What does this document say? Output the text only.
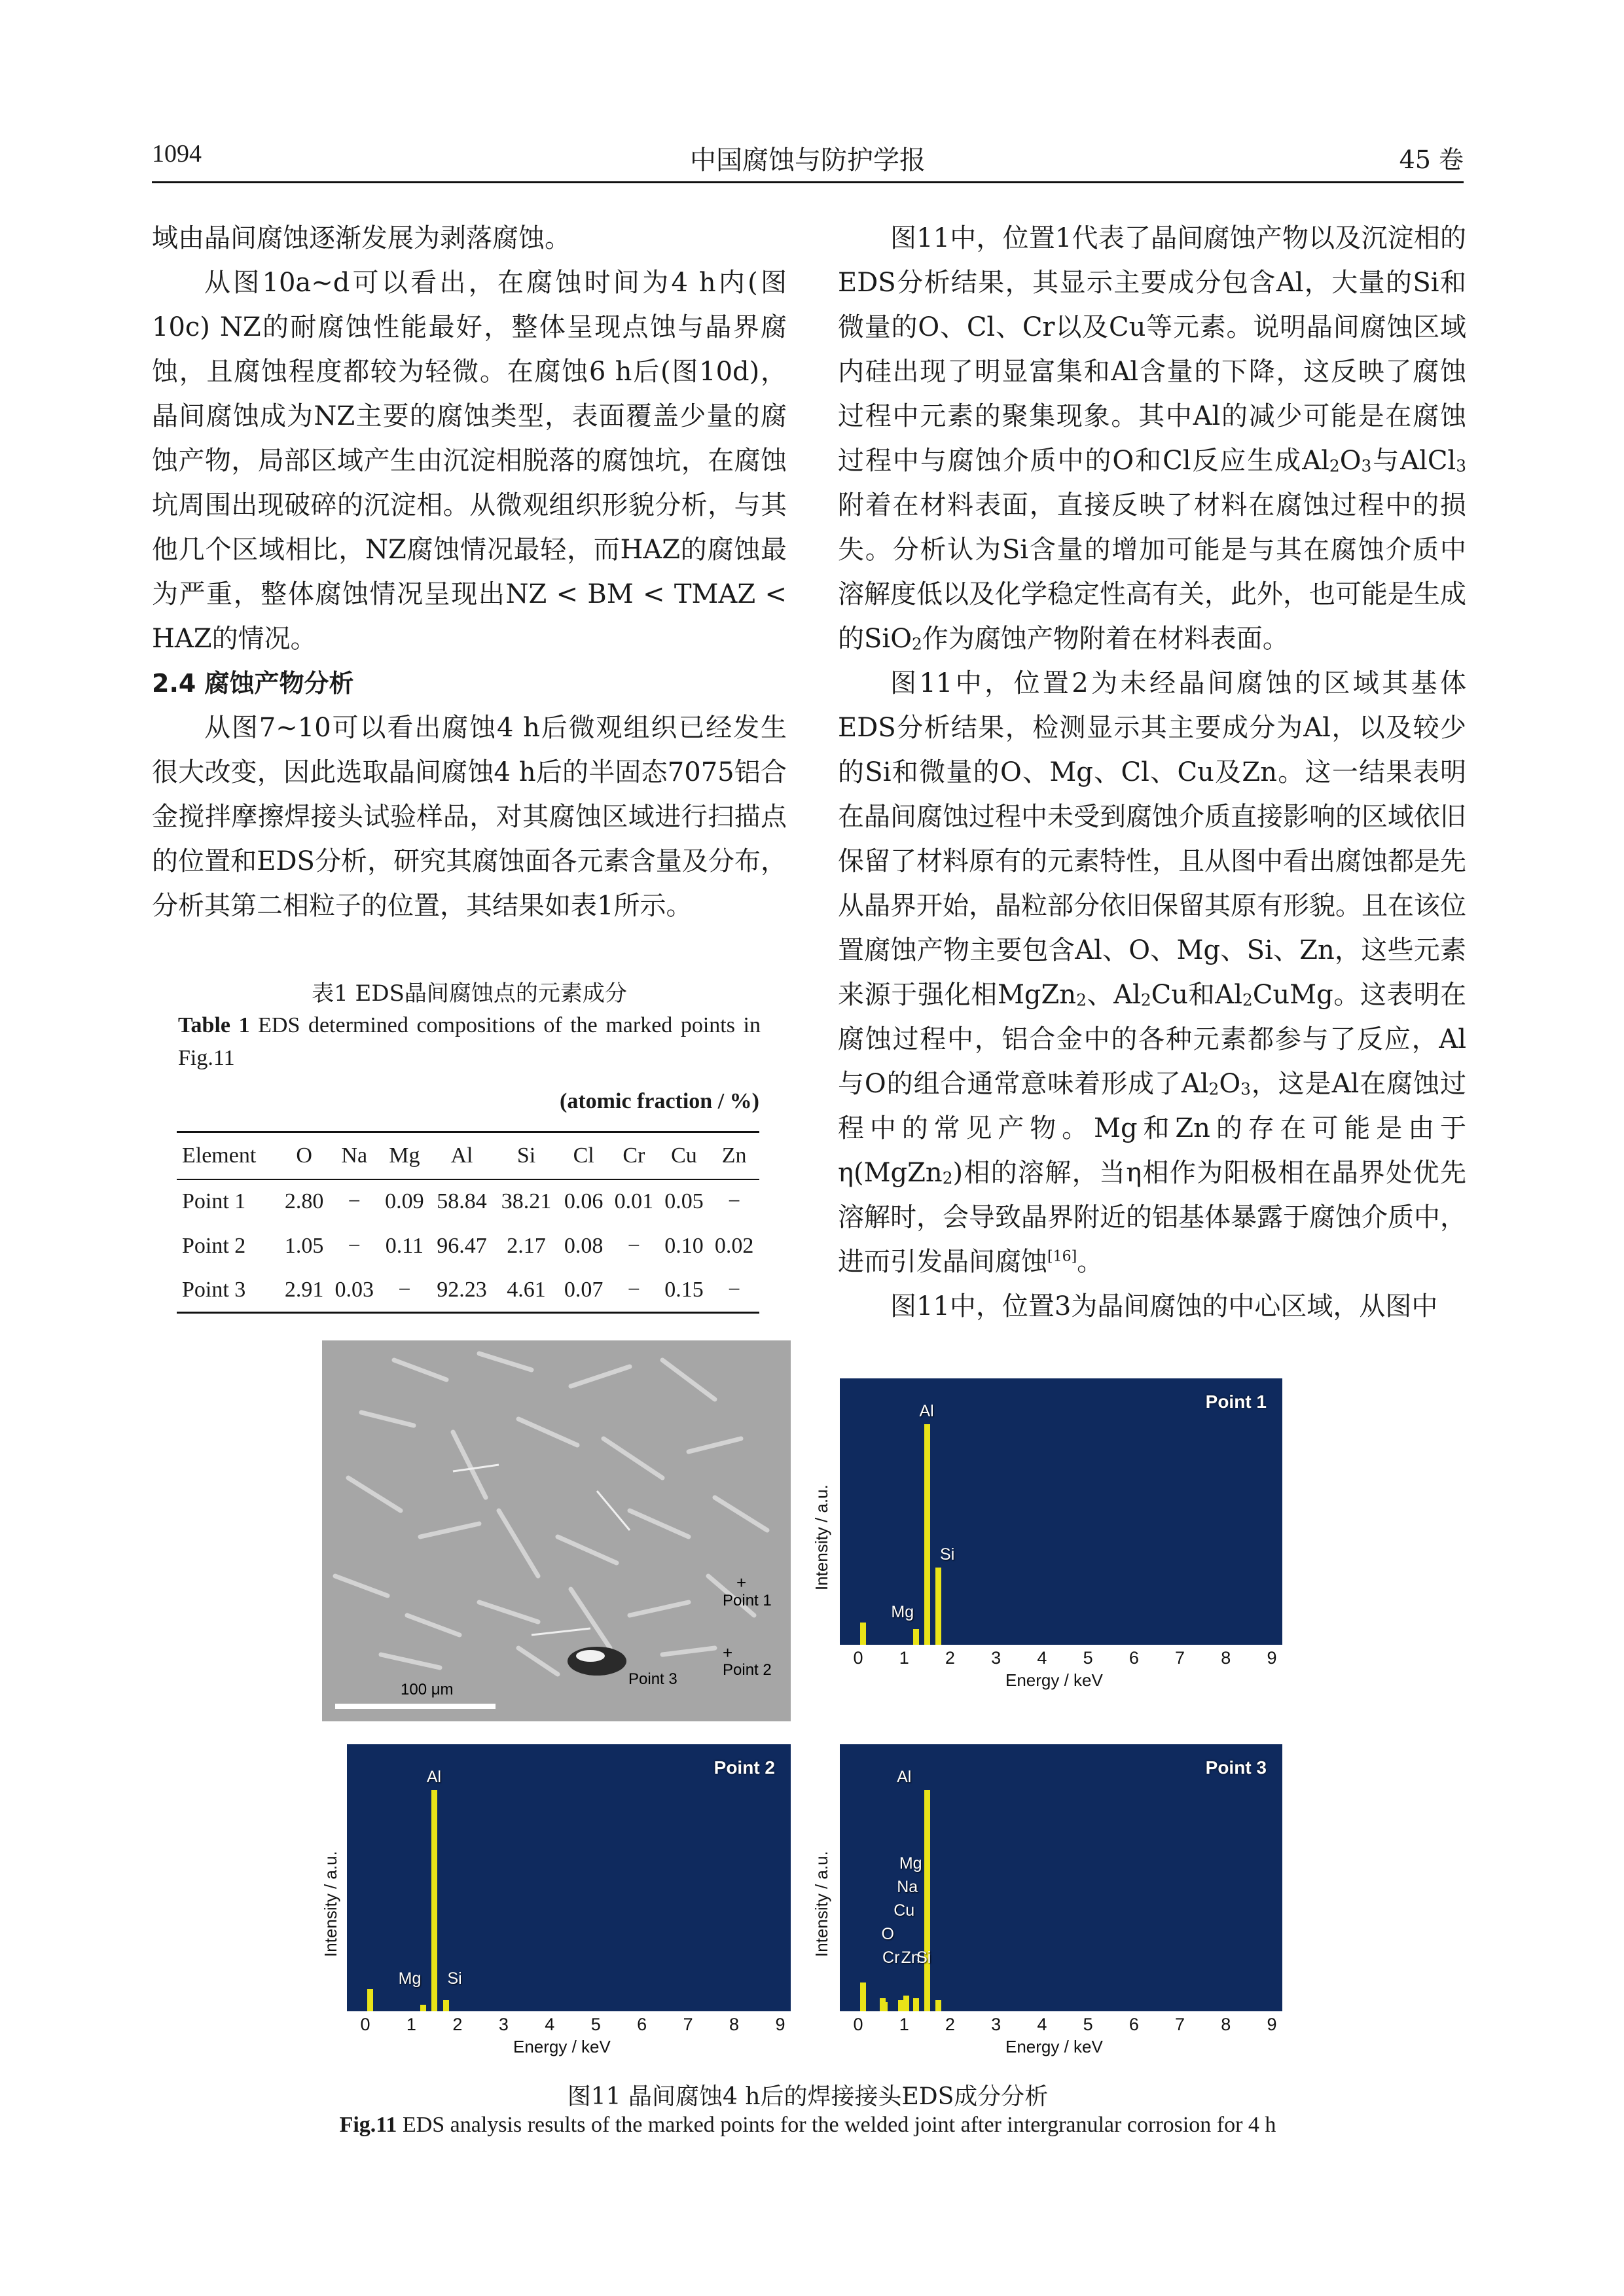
1094	中国腐蚀与防护学报	45 卷

域由晶间腐蚀逐渐发展为剥落腐蚀。

从图10a~d可以看出，在腐蚀时间为4 h内(图10c) NZ的耐腐蚀性能最好，整体呈现点蚀与晶界腐蚀，且腐蚀程度都较为轻微。在腐蚀6 h后(图10d)，晶间腐蚀成为NZ主要的腐蚀类型，表面覆盖少量的腐蚀产物，局部区域产生由沉淀相脱落的腐蚀坑，在腐蚀坑周围出现破碎的沉淀相。从微观组织形貌分析，与其他几个区域相比，NZ腐蚀情况最轻，而HAZ的腐蚀最为严重，整体腐蚀情况呈现出NZ < BM < TMAZ < HAZ的情况。

2.4 腐蚀产物分析

从图7~10可以看出腐蚀4 h后微观组织已经发生很大改变，因此选取晶间腐蚀4 h后的半固态7075铝合金搅拌摩擦焊接头试验样品，对其腐蚀区域进行扫描点的位置和EDS分析，研究其腐蚀面各元素含量及分布，分析其第二相粒子的位置，其结果如表1所示。

图11中，位置1代表了晶间腐蚀产物以及沉淀相的EDS分析结果，其显示主要成分包含Al，大量的Si和微量的O、Cl、Cr以及Cu等元素。说明晶间腐蚀区域内硅出现了明显富集和Al含量的下降，这反映了腐蚀过程中元素的聚集现象。其中Al的减少可能是在腐蚀过程中与腐蚀介质中的O和Cl反应生成$Al_2O_3$与AlCl$_3$附着在材料表面，直接反映了材料在腐蚀过程中的损失。分析认为Si含量的增加可能是与其在腐蚀介质中溶解度低以及化学稳定性高有关，此外，也可能是生成的SiO$_2$作为腐蚀产物附着在材料表面。

图11中，位置2为未经晶间腐蚀的区域其基体EDS分析结果，检测显示其主要成分为Al，以及较少的Si和微量的O、Mg、Cl、Cu及Zn。这一结果表明在晶间腐蚀过程中未受到腐蚀介质直接影响的区域依旧保留了材料原有的元素特性，且从图中看出腐蚀都是先从晶界开始，晶粒部分依旧保留其原有形貌。且在该位置腐蚀产物主要包含Al、O、Mg、Si、Zn，这些元素来源于强化相MgZn$_2$、$Al_2Cu$和$Al_2CuMg$。这表明在腐蚀过程中，铝合金中的各种元素都参与了反应，Al与O的组合通常意味着形成了$Al_2O_3$，这是Al在腐蚀过程中的常见产物。Mg和Zn的存在可能是由于η(MgZn$_2$)相的溶解，当η相作为阳极相在晶界处优先溶解时，会导致晶界附近的铝基体暴露于腐蚀介质中，进而引发晶间腐蚀[16]。

图11中，位置3为晶间腐蚀的中心区域，从图中

表1 EDS晶间腐蚀点的元素成分
Table 1 EDS determined compositions of the marked points in Fig.11
(atomic fraction / %)
Element	O	Na	Mg	Al	Si	Cl	Cr	Cu	Zn
Point 1	2.80	−	0.09	58.84	38.21	0.06	0.01	0.05	−
Point 2	1.05	−	0.11	96.47	2.17	0.08	−	0.10	0.02
Point 3	2.91	0.03	−	92.23	4.61	0.07	−	0.15	−
100 μm
Point 1
Point 2
Point 3
+
+
Point 1
Mg
Al
Si
Point 2
Mg
Al
Si
Point 3
O
Cr
Cu
Na
Zn
Mg
Al
Si
Intensity / a.u.
Intensity / a.u.	Intensity / a.u.
0 1 2 3 4 5 6 7 8 9
0 1 2 3 4 5 6 7 8 9	0 1 2 3 4 5 6 7 8 9
Energy / keV
Energy / keV	Energy / keV
图11 晶间腐蚀4 h后的焊接接头EDS成分分析
Fig.11 EDS analysis results of the marked points for the welded joint after intergranular corrosion for 4 h
